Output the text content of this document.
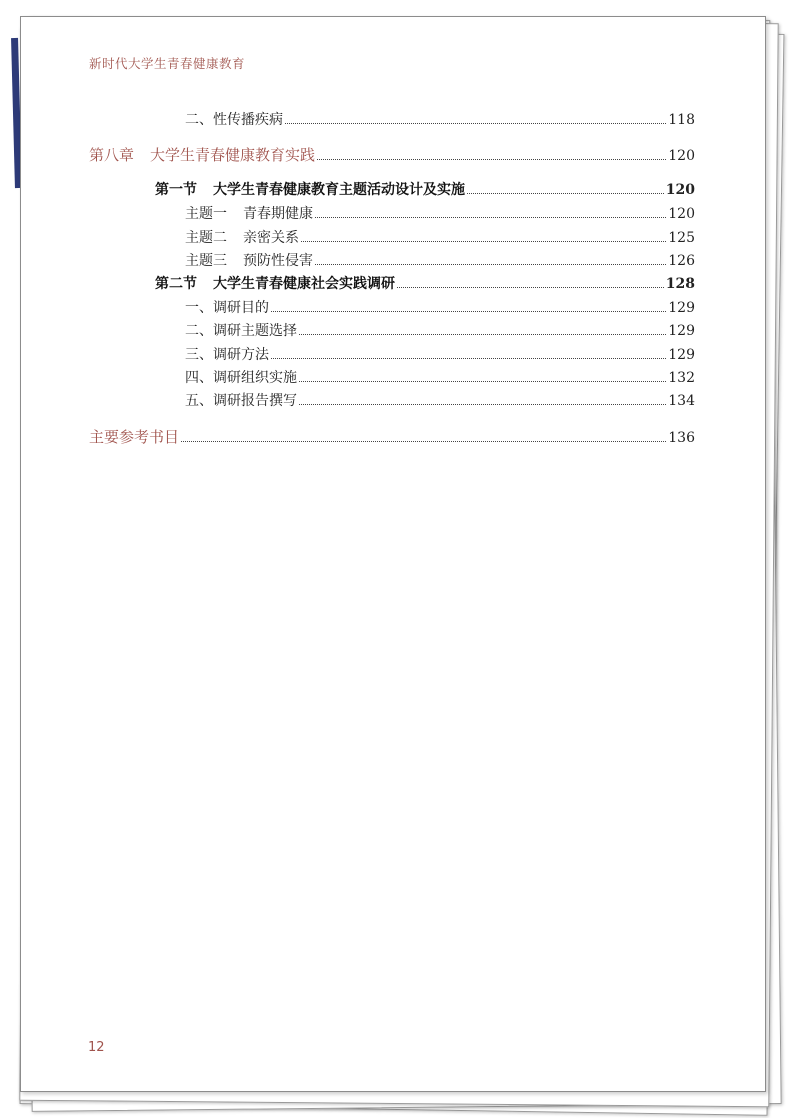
新时代大学生青春健康教育
二、性传播疾病	118
第八章 大学生青春健康教育实践	120
第一节 大学生青春健康教育主题活动设计及实施	120
主题一 青春期健康	120
主题二 亲密关系	125
主题三 预防性侵害	126
第二节 大学生青春健康社会实践调研	128
一、调研目的	129
二、调研主题选择	129
三、调研方法	129
四、调研组织实施	132
五、调研报告撰写	134
主要参考书目	136
12
